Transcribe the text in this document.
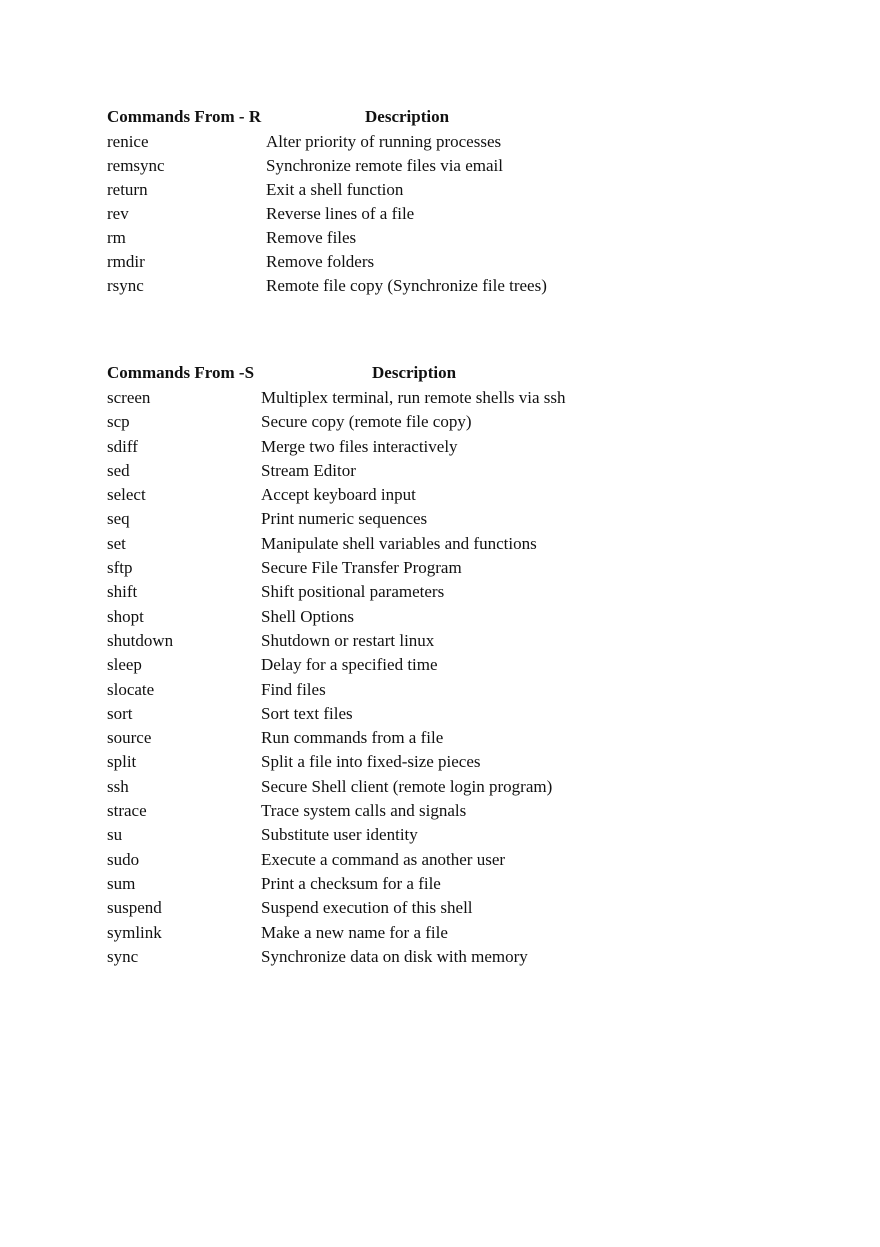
Commands From - R	Description
renice	Alter priority of running processes
remsync	Synchronize remote files via email
return	Exit a shell function
rev	Reverse lines of a file
rm	Remove files
rmdir	Remove folders
rsync	Remote file copy (Synchronize file trees)
Commands From -S	Description
screen	Multiplex terminal, run remote shells via ssh
scp	Secure copy (remote file copy)
sdiff	Merge two files interactively
sed	Stream Editor
select	Accept keyboard input
seq	Print numeric sequences
set	Manipulate shell variables and functions
sftp	Secure File Transfer Program
shift	Shift positional parameters
shopt	Shell Options
shutdown	Shutdown or restart linux
sleep	Delay for a specified time
slocate	Find files
sort	Sort text files
source	Run commands from a file
split	Split a file into fixed-size pieces
ssh	Secure Shell client (remote login program)
strace	Trace system calls and signals
su	Substitute user identity
sudo	Execute a command as another user
sum	Print a checksum for a file
suspend	Suspend execution of this shell
symlink	Make a new name for a file
sync	Synchronize data on disk with memory
